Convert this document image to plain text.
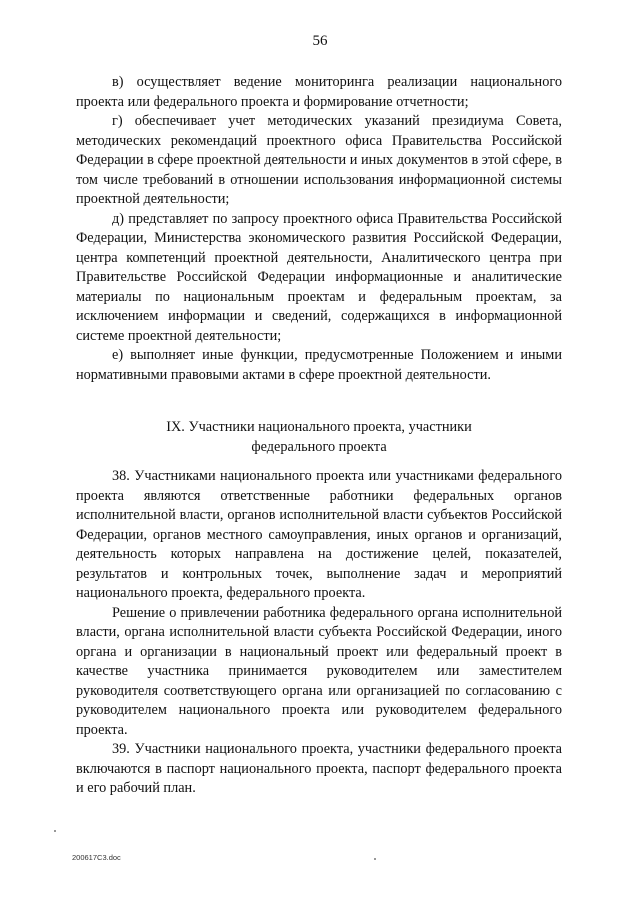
56

в) осуществляет ведение мониторинга реализации национального проекта или федерального проекта и формирование отчетности;

г) обеспечивает учет методических указаний президиума Совета, методических рекомендаций проектного офиса Правительства Российской Федерации в сфере проектной деятельности и иных документов в этой сфере, в том числе требований в отношении использования информационной системы проектной деятельности;

д) представляет по запросу проектного офиса Правительства Российской Федерации, Министерства экономического развития Российской Федерации, центра компетенций проектной деятельности, Аналитического центра при Правительстве Российской Федерации информационные и аналитические материалы по национальным проектам и федеральным проектам, за исключением информации и сведений, содержащихся в информационной системе проектной деятельности;

е) выполняет иные функции, предусмотренные Положением и иными нормативными правовыми актами в сфере проектной деятельности.

IX. Участники национального проекта, участники
федерального проекта

38. Участниками национального проекта или участниками федерального проекта являются ответственные работники федеральных органов исполнительной власти, органов исполнительной власти субъектов Российской Федерации, органов местного самоуправления, иных органов и организаций, деятельность которых направлена на достижение целей, показателей, результатов и контрольных точек, выполнение задач и мероприятий национального проекта, федерального проекта.

Решение о привлечении работника федерального органа исполнительной власти, органа исполнительной власти субъекта Российской Федерации, иного органа и организации в национальный проект или федеральный проект в качестве участника принимается руководителем или заместителем руководителя соответствующего органа или организацией по согласованию с руководителем национального проекта или руководителем федерального проекта.

39. Участники национального проекта, участники федерального проекта включаются в паспорт национального проекта, паспорт федерального проекта и его рабочий план.

200617С3.doc
